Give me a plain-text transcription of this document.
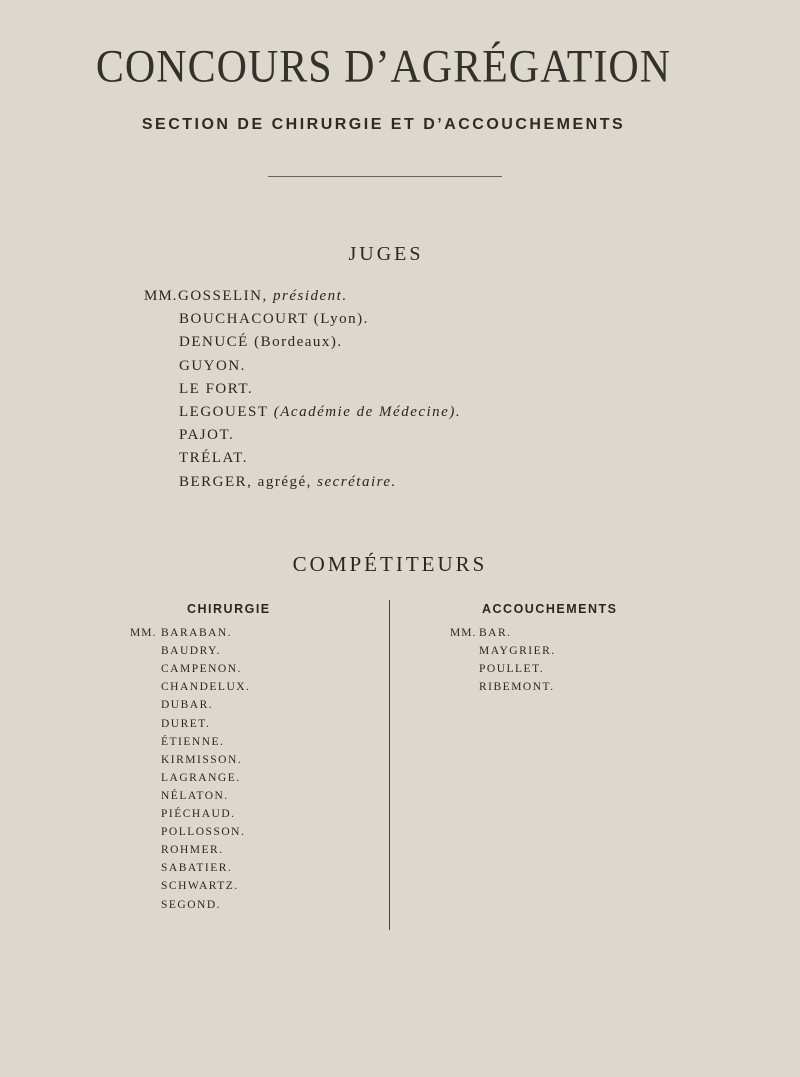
CONCOURS D’AGRÉGATION
SECTION DE CHIRURGIE ET D’ACCOUCHEMENTS
JUGES
MM. GOSSELIN, président.
BOUCHACOURT (Lyon).
DENUCÉ (Bordeaux).
GUYON.
LE FORT.
LEGOUEST (Académie de Médecine).
PAJOT.
TRÉLAT.
BERGER, agrégé, secrétaire.
COMPÉTITEURS
CHIRURGIE	ACCOUCHEMENTS
MM. BARABAN.
BAUDRY.
CAMPENON.
CHANDELUX.
DUBAR.
DURET.
ÉTIENNE.
KIRMISSON.
LAGRANGE.
NÉLATON.
PIÉCHAUD.
POLLOSSON.
ROHMER.
SABATIER.
SCHWARTZ.
SEGOND.
MM. BAR.
MAYGRIER.
POULLET.
RIBEMONT.
